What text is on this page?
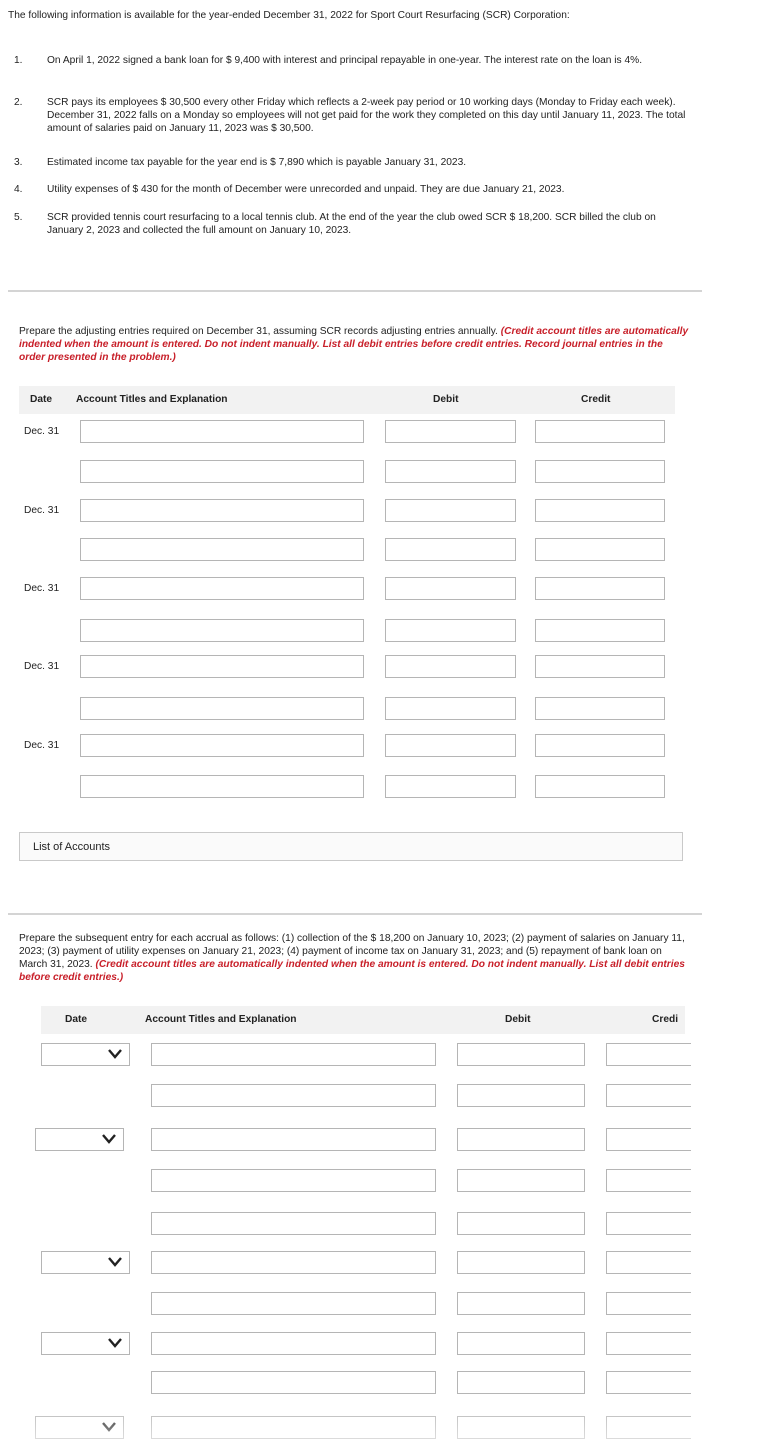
The following information is available for the year-ended December 31, 2022 for Sport Court Resurfacing (SCR) Corporation:
1.	On April 1, 2022 signed a bank loan for $ 9,400 with interest and principal repayable in one-year. The interest rate on the loan is 4%.
2.	SCR pays its employees $ 30,500 every other Friday which reflects a 2-week pay period or 10 working days (Monday to Friday each week). December 31, 2022 falls on a Monday so employees will not get paid for the work they completed on this day until January 11, 2023. The total amount of salaries paid on January 11, 2023 was $ 30,500.
3.	Estimated income tax payable for the year end is $ 7,890 which is payable January 31, 2023.
4.	Utility expenses of $ 430 for the month of December were unrecorded and unpaid. They are due January 21, 2023.
5.	SCR provided tennis court resurfacing to a local tennis club. At the end of the year the club owed SCR $ 18,200. SCR billed the club on January 2, 2023 and collected the full amount on January 10, 2023.
Prepare the adjusting entries required on December 31, assuming SCR records adjusting entries annually. (Credit account titles are automatically indented when the amount is entered. Do not indent manually. List all debit entries before credit entries. Record journal entries in the order presented in the problem.)
Date Account Titles and Explanation	Debit	Credit
Dec. 31
Dec. 31
Dec. 31
Dec. 31
Dec. 31
List of Accounts
Prepare the subsequent entry for each accrual as follows: (1) collection of the $ 18,200 on January 10, 2023; (2) payment of salaries on January 11, 2023; (3) payment of utility expenses on January 21, 2023; (4) payment of income tax on January 31, 2023; and (5) repayment of bank loan on March 31, 2023. (Credit account titles are automatically indented when the amount is entered. Do not indent manually. List all debit entries before credit entries.)
Date	Account Titles and Explanation	Debit	Credi
